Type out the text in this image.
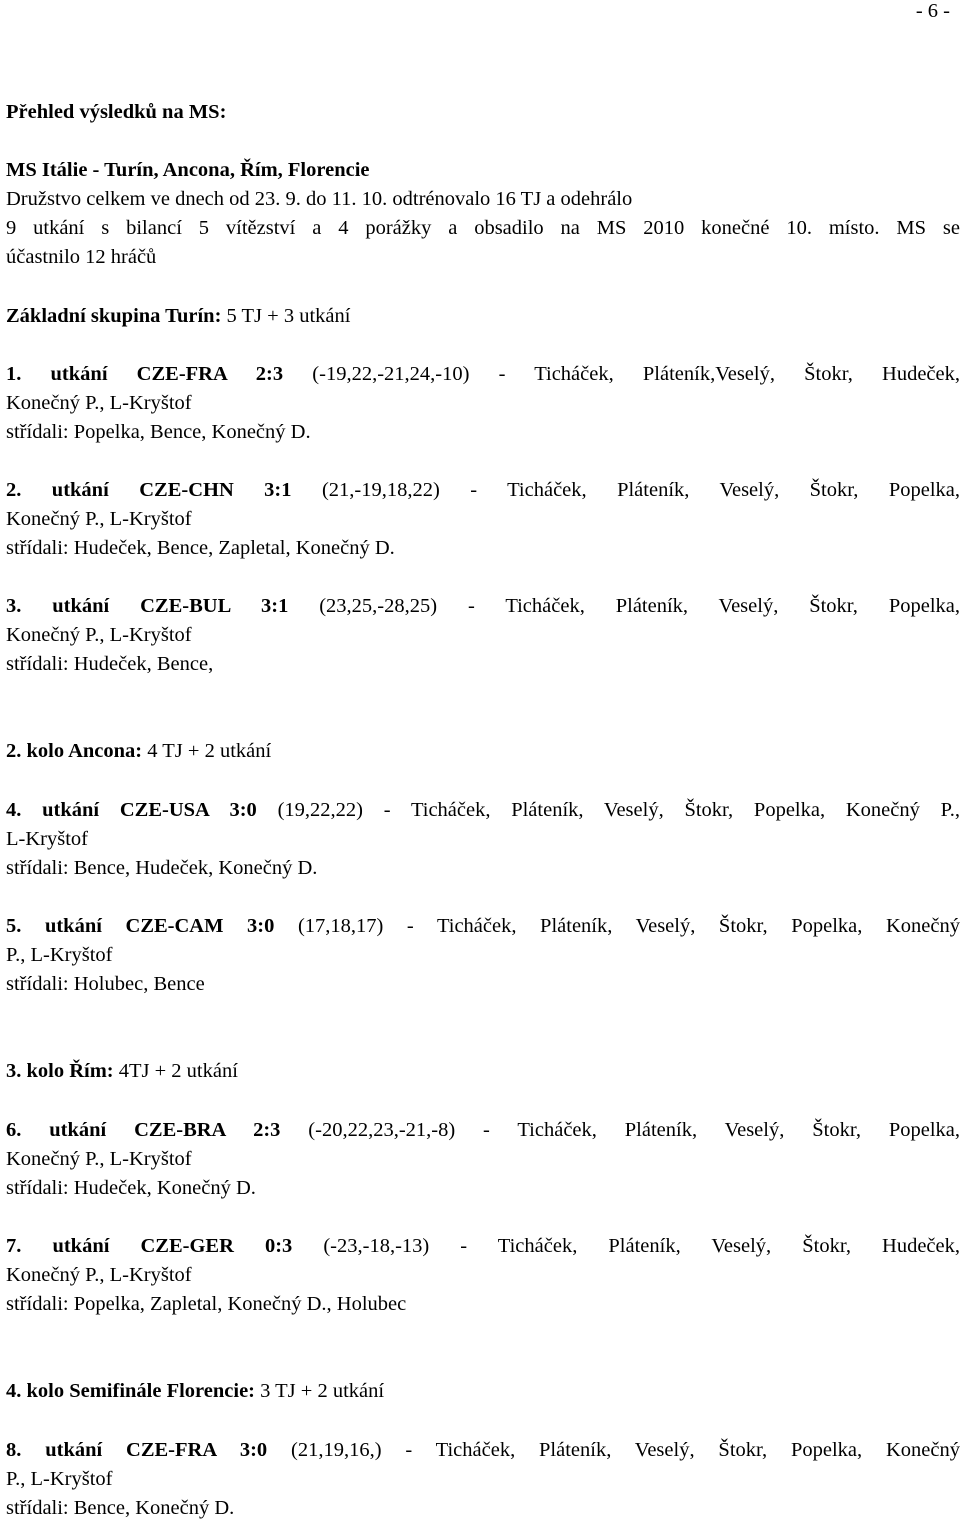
- 6 -
Přehled výsledků na MS:
MS Itálie - Turín, Ancona, Řím, Florencie
Družstvo celkem ve dnech od 23. 9. do 11. 10. odtrénovalo 16 TJ a odehrálo
9 utkání s bilancí 5 vítězství a 4 porážky a obsadilo na MS 2010 konečné 10. místo. MS se
účastnilo 12 hráčů
Základní skupina Turín: 5 TJ + 3 utkání
1. utkání CZE-FRA 2:3 (-19,22,-21,24,-10) - Ticháček, Pláteník,Veselý, Štokr, Hudeček,
Konečný P., L-Kryštof
střídali: Popelka, Bence, Konečný D.
2. utkání CZE-CHN 3:1 (21,-19,18,22) - Ticháček, Pláteník, Veselý, Štokr, Popelka,
Konečný P., L-Kryštof
střídali: Hudeček, Bence, Zapletal, Konečný D.
3. utkání CZE-BUL 3:1 (23,25,-28,25) - Ticháček, Pláteník, Veselý, Štokr, Popelka,
Konečný P., L-Kryštof
střídali: Hudeček, Bence,
2. kolo Ancona: 4 TJ + 2 utkání
4. utkání CZE-USA 3:0 (19,22,22) - Ticháček, Pláteník, Veselý, Štokr, Popelka, Konečný P.,
L-Kryštof
střídali: Bence, Hudeček, Konečný D.
5. utkání CZE-CAM 3:0 (17,18,17) - Ticháček, Pláteník, Veselý, Štokr, Popelka, Konečný
P., L-Kryštof
střídali: Holubec, Bence
3. kolo Řím: 4TJ + 2 utkání
6. utkání CZE-BRA 2:3 (-20,22,23,-21,-8) - Ticháček, Pláteník, Veselý, Štokr, Popelka,
Konečný P., L-Kryštof
střídali: Hudeček, Konečný D.
7. utkání CZE-GER 0:3 (-23,-18,-13) - Ticháček, Pláteník, Veselý, Štokr, Hudeček,
Konečný P., L-Kryštof
střídali: Popelka, Zapletal, Konečný D., Holubec
4. kolo Semifinále Florencie: 3 TJ + 2 utkání
8. utkání CZE-FRA 3:0 (21,19,16,) - Ticháček, Pláteník, Veselý, Štokr, Popelka, Konečný
P., L-Kryštof
střídali: Bence, Konečný D.
